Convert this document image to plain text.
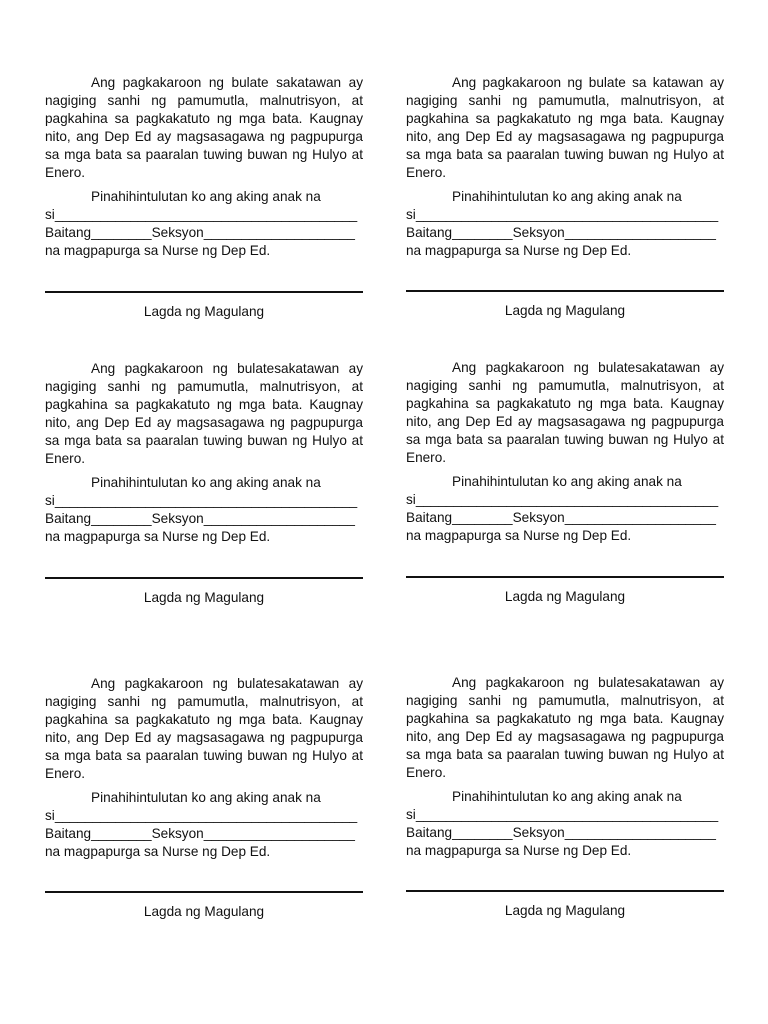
Ang pagkakaroon ng bulate sakatawan ay nagiging sanhi ng pamumutla, malnutrisyon, at pagkahina sa pagkakatuto ng mga bata. Kaugnay nito, ang Dep Ed ay magsasagawa ng pagpupurga sa mga bata sa paaralan tuwing buwan ng Hulyo at Enero.

Pinahihintulutan ko ang aking anak na

si________________________________________

Baitang________Seksyon____________________

na magpapurga sa Nurse ng Dep Ed.

Lagda ng Magulang

Ang pagkakaroon ng bulate sa katawan ay nagiging sanhi ng pamumutla, malnutrisyon, at pagkahina sa pagkakatuto ng mga bata. Kaugnay nito, ang Dep Ed ay magsasagawa ng pagpupurga sa mga bata sa paaralan tuwing buwan ng Hulyo at Enero.

Pinahihintulutan ko ang aking anak na

si________________________________________

Baitang________Seksyon____________________

na magpapurga sa Nurse ng Dep Ed.

Lagda ng Magulang

Ang pagkakaroon ng bulatesakatawan ay nagiging sanhi ng pamumutla, malnutrisyon, at pagkahina sa pagkakatuto ng mga bata. Kaugnay nito, ang Dep Ed ay magsasagawa ng pagpupurga sa mga bata sa paaralan tuwing buwan ng Hulyo at Enero.

Pinahihintulutan ko ang aking anak na

si________________________________________

Baitang________Seksyon____________________

na magpapurga sa Nurse ng Dep Ed.

Lagda ng Magulang

Ang pagkakaroon ng bulatesakatawan ay nagiging sanhi ng pamumutla, malnutrisyon, at pagkahina sa pagkakatuto ng mga bata. Kaugnay nito, ang Dep Ed ay magsasagawa ng pagpupurga sa mga bata sa paaralan tuwing buwan ng Hulyo at Enero.

Pinahihintulutan ko ang aking anak na

si________________________________________

Baitang________Seksyon____________________

na magpapurga sa Nurse ng Dep Ed.

Lagda ng Magulang

Ang pagkakaroon ng bulatesakatawan ay nagiging sanhi ng pamumutla, malnutrisyon, at pagkahina sa pagkakatuto ng mga bata. Kaugnay nito, ang Dep Ed ay magsasagawa ng pagpupurga sa mga bata sa paaralan tuwing buwan ng Hulyo at Enero.

Pinahihintulutan ko ang aking anak na

si________________________________________

Baitang________Seksyon____________________

na magpapurga sa Nurse ng Dep Ed.

Lagda ng Magulang

Ang pagkakaroon ng bulatesakatawan ay nagiging sanhi ng pamumutla, malnutrisyon, at pagkahina sa pagkakatuto ng mga bata. Kaugnay nito, ang Dep Ed ay magsasagawa ng pagpupurga sa mga bata sa paaralan tuwing buwan ng Hulyo at Enero.

Pinahihintulutan ko ang aking anak na

si________________________________________

Baitang________Seksyon____________________

na magpapurga sa Nurse ng Dep Ed.

Lagda ng Magulang
